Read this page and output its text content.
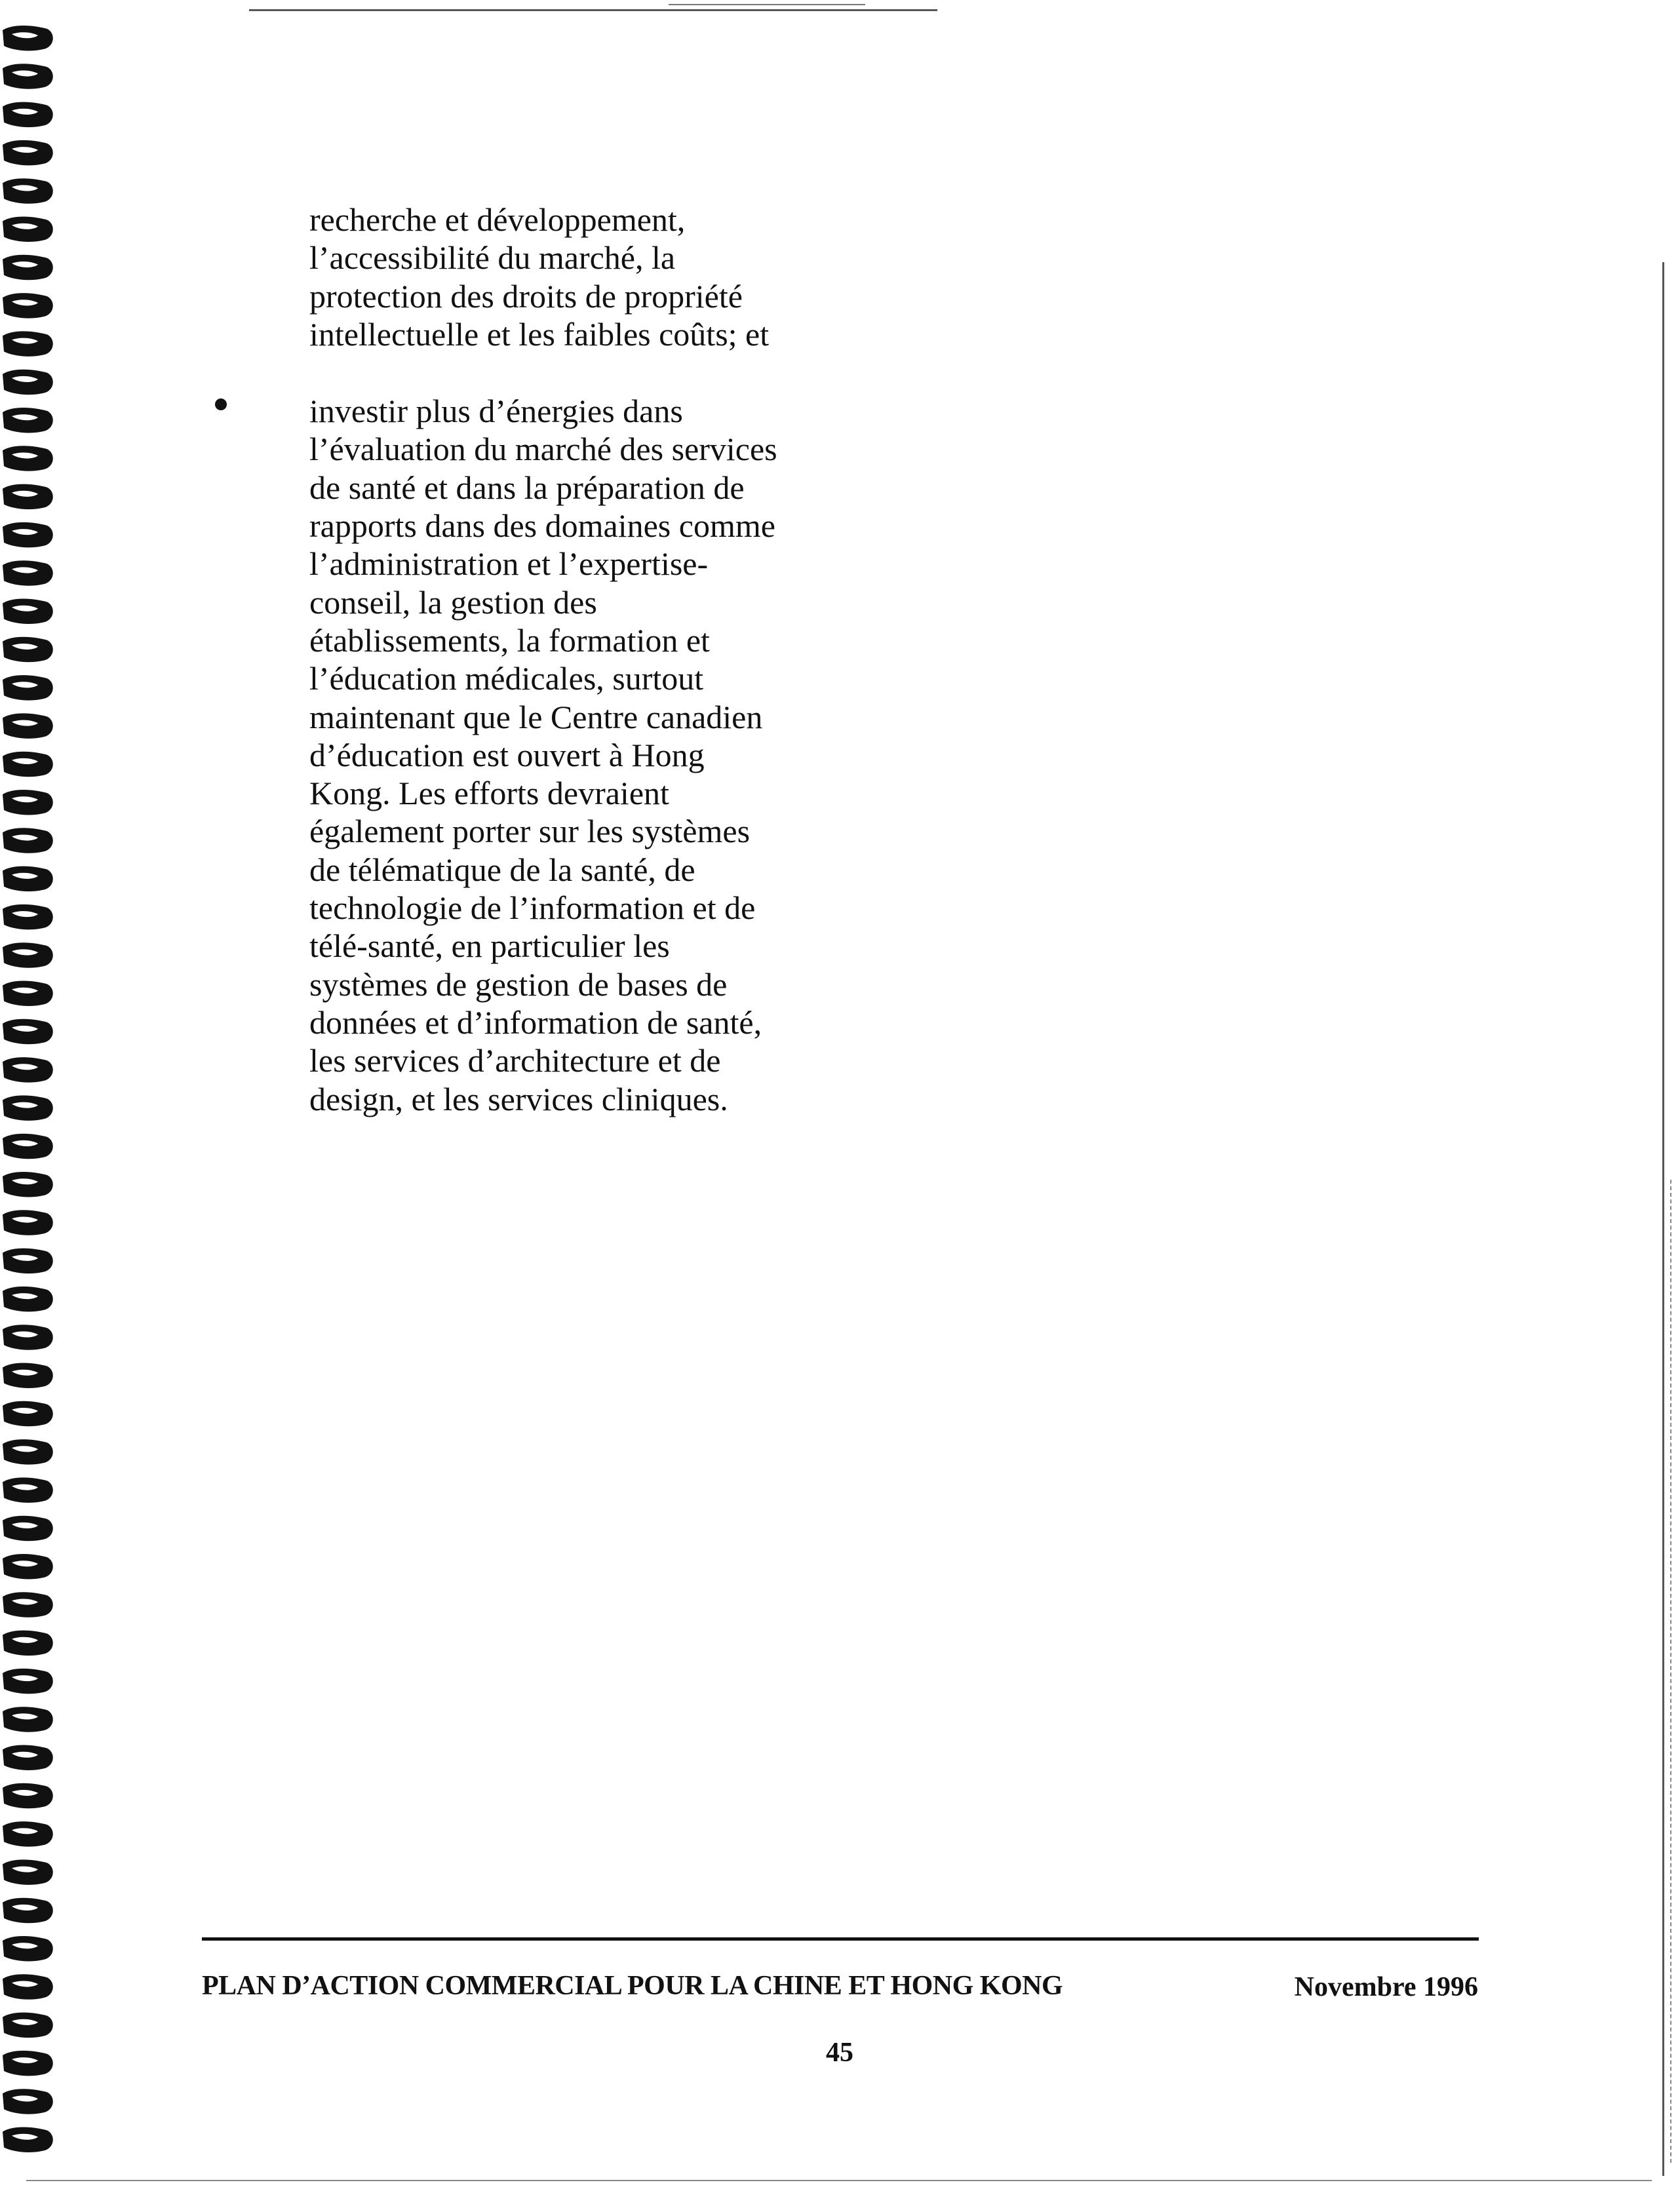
recherche et développement,
l’accessibilité du marché, la
protection des droits de propriété
intellectuelle et les faibles coûts; et

investir plus d’énergies dans
l’évaluation du marché des services
de santé et dans la préparation de
rapports dans des domaines comme
l’administration et l’expertise-
conseil, la gestion des
établissements, la formation et
l’éducation médicales, surtout
maintenant que le Centre canadien
d’éducation est ouvert à Hong
Kong. Les efforts devraient
également porter sur les systèmes
de télématique de la santé, de
technologie de l’information et de
télé-santé, en particulier les
systèmes de gestion de bases de
données et d’information de santé,
les services d’architecture et de
design, et les services cliniques.

PLAN D’ACTION COMMERCIAL POUR LA CHINE ET HONG KONG	Novembre 1996
45
